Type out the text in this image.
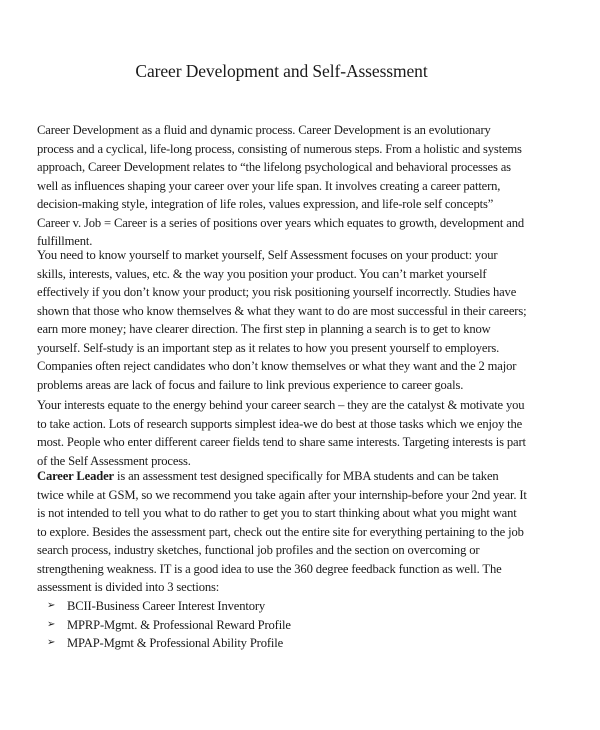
Career Development and Self-Assessment
Career Development as a fluid and dynamic process. Career Development is an evolutionary process and a cyclical, life-long process, consisting of numerous steps. From a holistic and systems approach, Career Development relates to “the lifelong psychological and behavioral processes as well as influences shaping your career over your life span. It involves creating a career pattern, decision-making style, integration of life roles, values expression, and life-role self concepts” Career v. Job = Career is a series of positions over years which equates to growth, development and fulfillment.
You need to know yourself to market yourself, Self Assessment focuses on your product: your skills, interests, values, etc. & the way you position your product. You can’t market yourself effectively if you don’t know your product; you risk positioning yourself incorrectly. Studies have shown that those who know themselves & what they want to do are most successful in their careers; earn more money; have clearer direction. The first step in planning a search is to get to know yourself. Self-study is an important step as it relates to how you present yourself to employers. Companies often reject candidates who don’t know themselves or what they want and the 2 major problems areas are lack of focus and failure to link previous experience to career goals.
Your interests equate to the energy behind your career search – they are the catalyst & motivate you to take action. Lots of research supports simplest idea-we do best at those tasks which we enjoy the most. People who enter different career fields tend to share same interests. Targeting interests is part of the Self Assessment process.
Career Leader is an assessment test designed specifically for MBA students and can be taken twice while at GSM, so we recommend you take again after your internship-before your 2nd year. It is not intended to tell you what to do rather to get you to start thinking about what you might want to explore. Besides the assessment part, check out the entire site for everything pertaining to the job search process, industry sketches, functional job profiles and the section on overcoming or strengthening weakness. IT is a good idea to use the 360 degree feedback function as well. The assessment is divided into 3 sections:
➢ BCII-Business Career Interest Inventory
➢ MPRP-Mgmt. & Professional Reward Profile
➢ MPAP-Mgmt & Professional Ability Profile
